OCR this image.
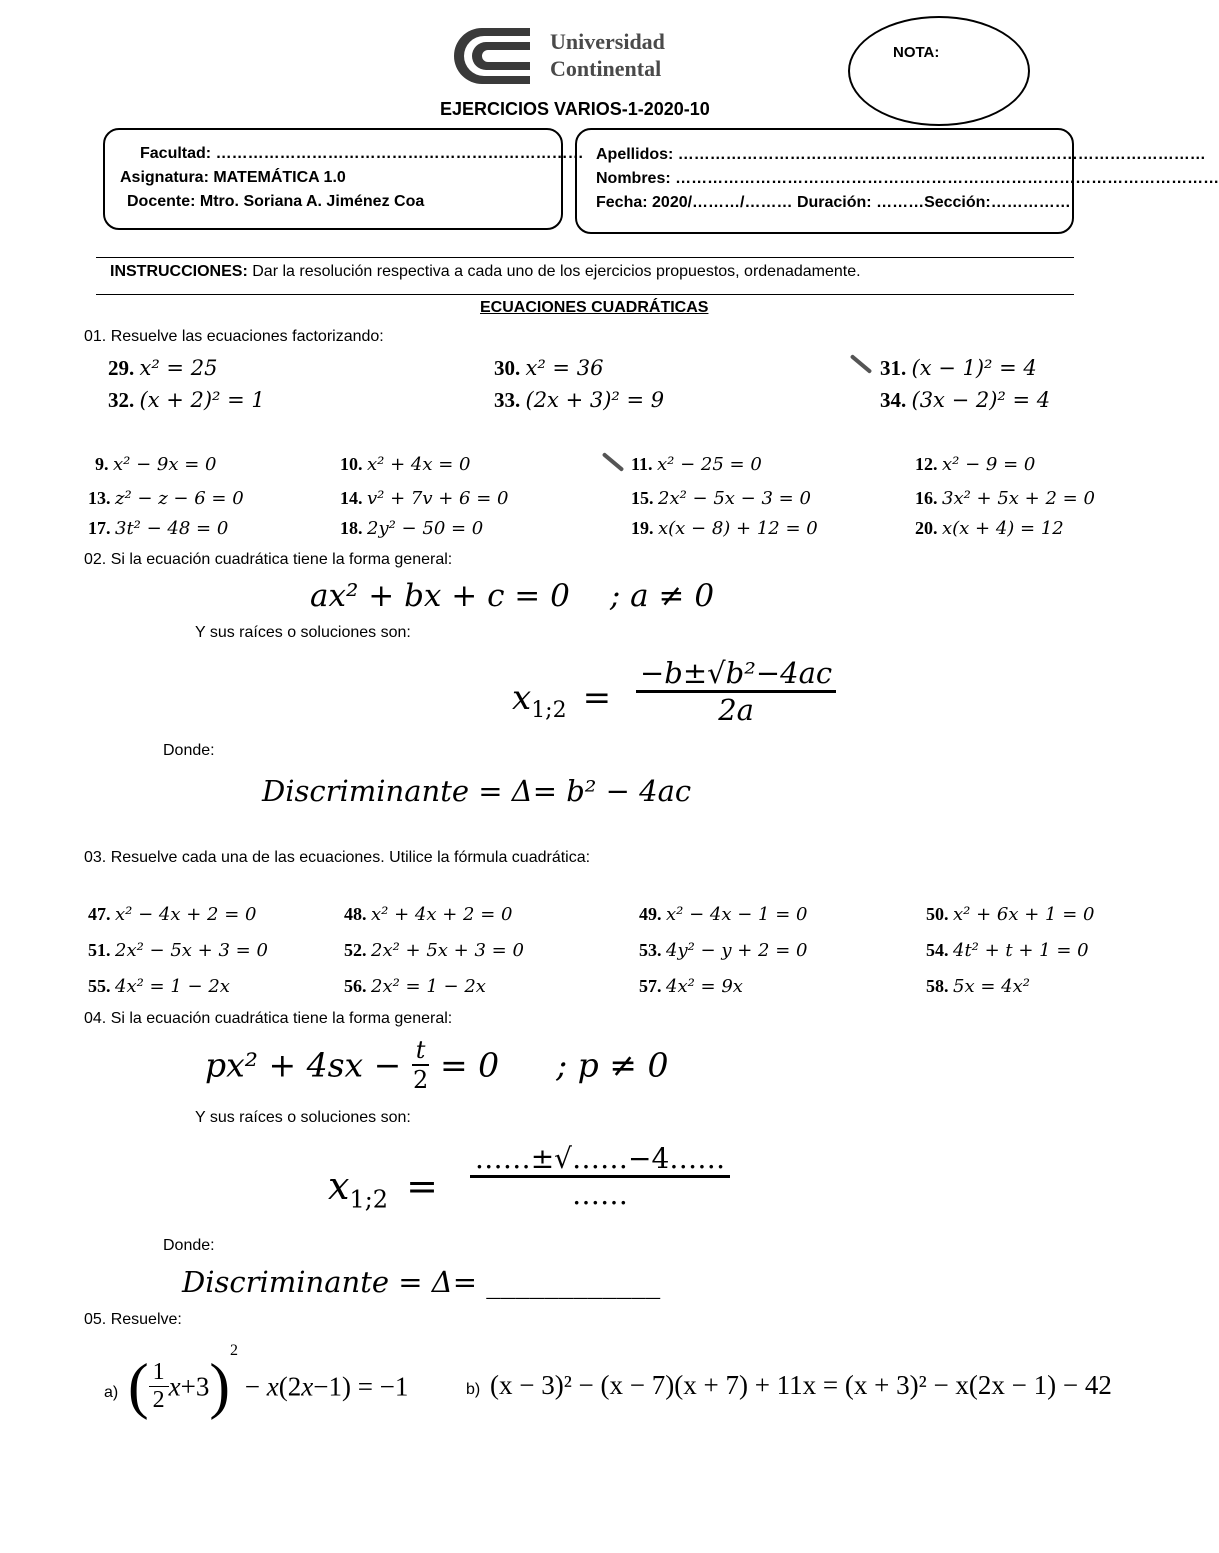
Universidad
Continental
NOTA:
EJERCICIOS VARIOS-1-2020-10
Facultad: ……………………………………………………………
Asignatura: MATEMÁTICA 1.0
Docente: Mtro. Soriana A. Jiménez Coa
Apellidos: ………………………………………………………………………………………
Nombres: …………………………………………………………………………………………
Fecha: 2020/………/……… Duración: ………Sección:……………
INSTRUCCIONES: Dar la resolución respectiva a cada uno de los ejercicios propuestos, ordenadamente.
ECUACIONES CUADRÁTICAS
01. Resuelve las ecuaciones factorizando:
29. x² = 25	30. x² = 36	31. (x − 1)² = 4
32. (x + 2)² = 1	33. (2x + 3)² = 9	34. (3x − 2)² = 4
9. x² − 9x = 0	10. x² + 4x = 0	11. x² − 25 = 0	12. x² − 9 = 0
13. z² − z − 6 = 0	14. v² + 7v + 6 = 0	15. 2x² − 5x − 3 = 0	16. 3x² + 5x + 2 = 0
17. 3t² − 48 = 0	18. 2y² − 50 = 0	19. x(x − 8) + 12 = 0	20. x(x + 4) = 12
02. Si la ecuación cuadrática tiene la forma general:
ax² + bx + c = 0 ; a ≠ 0
Y sus raíces o soluciones son:
$x_{1;2} = \frac{\text{−b±√b²−4ac}}{2a}$
Donde:
Discriminante = Δ= b² − 4ac
03. Resuelve cada una de las ecuaciones. Utilice la fórmula cuadrática:
47. x² − 4x + 2 = 0	48. x² + 4x + 2 = 0	49. x² − 4x − 1 = 0	50. x² + 6x + 1 = 0
51. 2x² − 5x + 3 = 0	52. 2x² + 5x + 3 = 0	53. 4y² − y + 2 = 0	54. 4t² + t + 1 = 0
55. 4x² = 1 − 2x	56. 2x² = 1 − 2x	57. 4x² = 9x	58. 5x = 4x²
04. Si la ecuación cuadrática tiene la forma general:
$px^2 + 4sx - \frac{t}{2} = 0$ ; p ≠ 0
Y sus raíces o soluciones son:
$x_{1;2} = \frac{\dots\dots\pm√\dots\dots-4\dots\dots}{\dots\dots}$
Donde:
Discriminante = Δ= ____________
05. Resuelve:
a) ( $\frac{1}{2} x+3)^2 - x(2x-1) = -1$	b) (x − 3)² − (x − 7)(x + 7) + 11x = (x + 3)² − x(2x − 1) − 42
